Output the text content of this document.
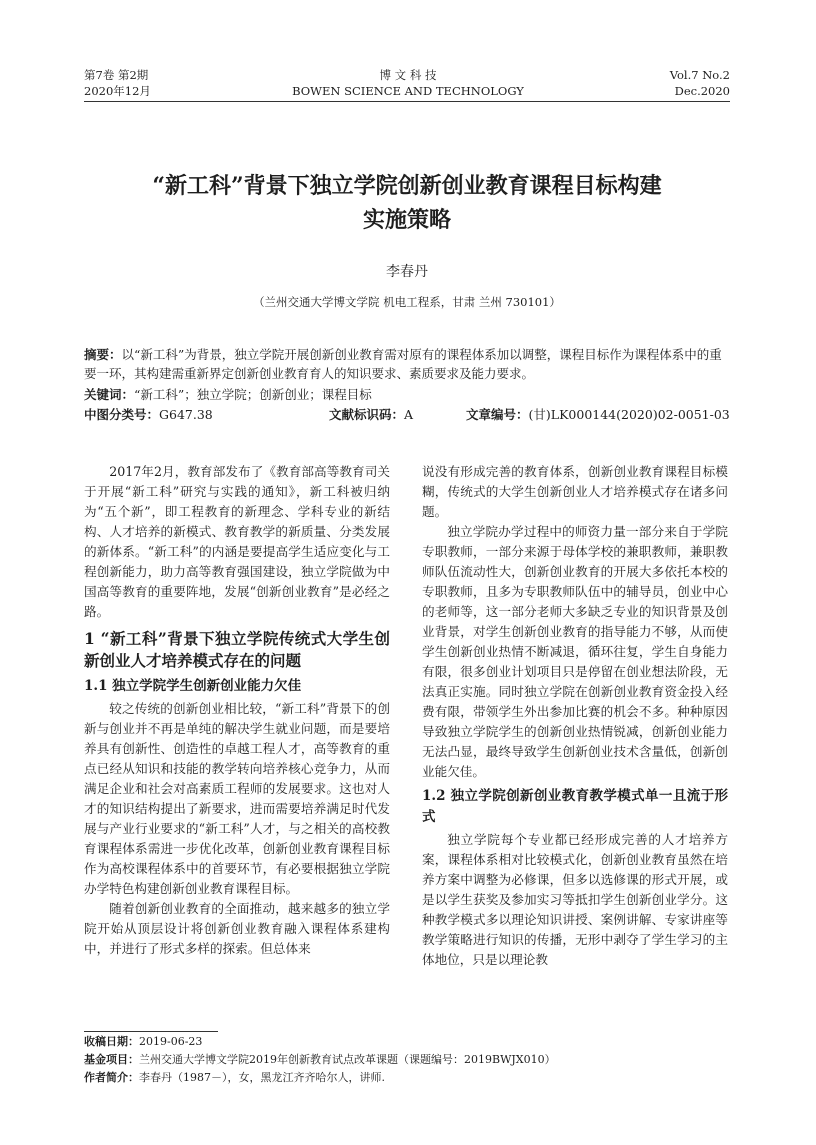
第7卷 第2期
2020年12月
博 文 科 技
BOWEN SCIENCE AND TECHNOLOGY
Vol.7 No.2
Dec.2020
“新工科”背景下独立学院创新创业教育课程目标构建
实施策略
李春丹
（兰州交通大学博文学院 机电工程系，甘肃 兰州 730101）
摘要：以“新工科”为背景，独立学院开展创新创业教育需对原有的课程体系加以调整，课程目标作为课程体系中的重要一环，其构建需重新界定创新创业教育育人的知识要求、素质要求及能力要求。
关键词：“新工科”；独立学院；创新创业；课程目标
中图分类号：G647.38	文献标识码：A	文章编号：(甘)LK000144(2020)02-0051-03

2017年2月，教育部发布了《教育部高等教育司关于开展“新工科”研究与实践的通知》，新工科被归纳为“五个新”，即工程教育的新理念、学科专业的新结构、人才培养的新模式、教育教学的新质量、分类发展的新体系。“新工科”的内涵是要提高学生适应变化与工程创新能力，助力高等教育强国建设，独立学院做为中国高等教育的重要阵地，发展“创新创业教育”是必经之路。

1 “新工科”背景下独立学院传统式大学生创新创业人才培养模式存在的问题
1.1 独立学院学生创新创业能力欠佳

较之传统的创新创业相比较，“新工科”背景下的创新与创业并不再是单纯的解决学生就业问题，而是要培养具有创新性、创造性的卓越工程人才，高等教育的重点已经从知识和技能的教学转向培养核心竞争力，从而满足企业和社会对高素质工程师的发展要求。这也对人才的知识结构提出了新要求，进而需要培养满足时代发展与产业行业要求的“新工科”人才，与之相关的高校教育课程体系需进一步优化改革，创新创业教育课程目标作为高校课程体系中的首要环节，有必要根据独立学院办学特色构建创新创业教育课程目标。

随着创新创业教育的全面推动，越来越多的独立学院开始从顶层设计将创新创业教育融入课程体系建构中，并进行了形式多样的探索。但总体来

说没有形成完善的教育体系，创新创业教育课程目标模糊，传统式的大学生创新创业人才培养模式存在诸多问题。

独立学院办学过程中的师资力量一部分来自于学院专职教师，一部分来源于母体学校的兼职教师，兼职教师队伍流动性大，创新创业教育的开展大多依托本校的专职教师，且多为专职教师队伍中的辅导员，创业中心的老师等，这一部分老师大多缺乏专业的知识背景及创业背景，对学生创新创业教育的指导能力不够，从而使学生创新创业热情不断减退，循环往复，学生自身能力有限，很多创业计划项目只是停留在创业想法阶段，无法真正实施。同时独立学院在创新创业教育资金投入经费有限，带领学生外出参加比赛的机会不多。种种原因导致独立学院学生的创新创业热情锐减，创新创业能力无法凸显，最终导致学生创新创业技术含量低，创新创业能欠佳。

1.2 独立学院创新创业教育教学模式单一且流于形式

独立学院每个专业都已经形成完善的人才培养方案，课程体系相对比较模式化，创新创业教育虽然在培养方案中调整为必修课，但多以选修课的形式开展，或是以学生获奖及参加实习等抵扣学生创新创业学分。这种教学模式多以理论知识讲授、案例讲解、专家讲座等教学策略进行知识的传播，无形中剥夺了学生学习的主体地位，只是以理论教

收稿日期：2019-06-23
基金项目：兰州交通大学博文学院2019年创新教育试点改革课题（课题编号：2019BWJX010）
作者简介：李春丹（1987－），女，黑龙江齐齐哈尔人，讲师.
